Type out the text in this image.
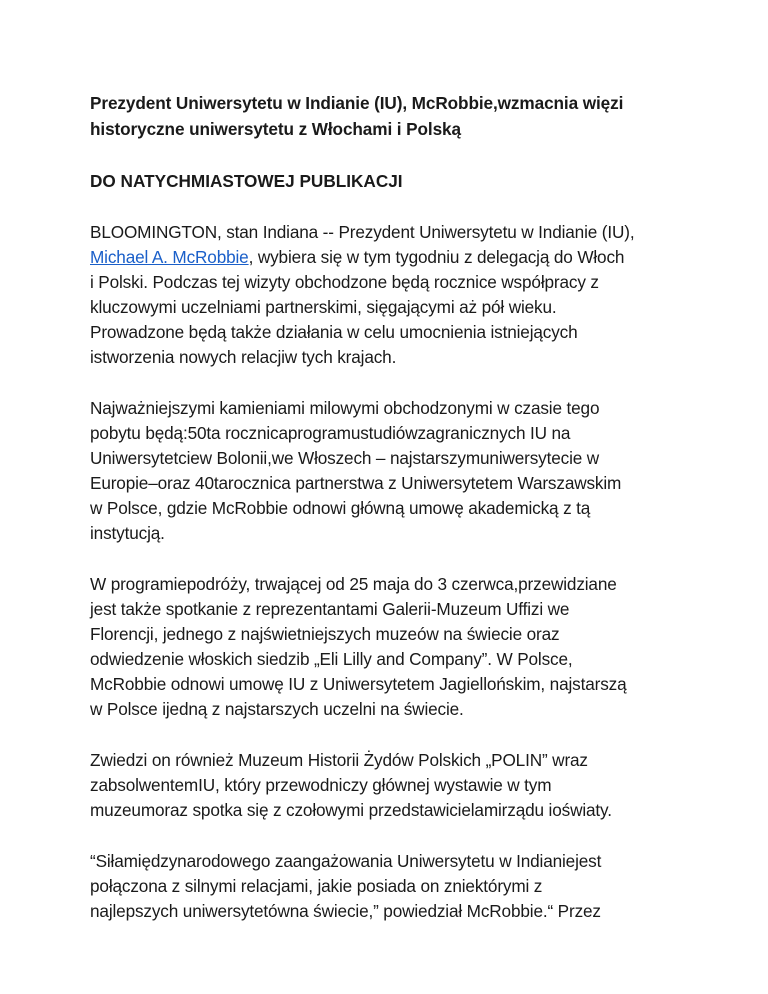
Prezydent Uniwersytetu w Indianie (IU), McRobbie,wzmacnia więzi
historyczne uniwersytetu z Włochami i Polską

DO NATYCHMIASTOWEJ PUBLIKACJI

BLOOMINGTON, stan Indiana -- Prezydent Uniwersytetu w Indianie (IU),
Michael A. McRobbie, wybiera się w tym tygodniu z delegacją do Włoch
i Polski. Podczas tej wizyty obchodzone będą rocznice współpracy z
kluczowymi uczelniami partnerskimi, sięgającymi aż pół wieku.
Prowadzone będą także działania w celu umocnienia istniejących
istworzenia nowych relacjiw tych krajach.

Najważniejszymi kamieniami milowymi obchodzonymi w czasie tego
pobytu będą:50ta rocznicaprogramustudiówzagranicznych IU na
Uniwersytetciew Bolonii,we Włoszech – najstarszymuniwersytecie w
Europie–oraz 40tarocznica partnerstwa z Uniwersytetem Warszawskim
w Polsce, gdzie McRobbie odnowi główną umowę akademicką z tą
instytucją.

W programiepodróży, trwającej od 25 maja do 3 czerwca,przewidziane
jest także spotkanie z reprezentantami Galerii-Muzeum Uffizi we
Florencji, jednego z najświetniejszych muzeów na świecie oraz
odwiedzenie włoskich siedzib „Eli Lilly and Company”. W Polsce,
McRobbie odnowi umowę IU z Uniwersytetem Jagiellońskim, najstarszą
w Polsce ijedną z najstarszych uczelni na świecie.

Zwiedzi on również Muzeum Historii Żydów Polskich „POLIN” wraz
zabsolwentemIU, który przewodniczy głównej wystawie w tym
muzeumoraz spotka się z czołowymi przedstawicielamirządu ioświaty.

“Siłamiędzynarodowego zaangażowania Uniwersytetu w Indianiejest
połączona z silnymi relacjami, jakie posiada on zniektórymi z
najlepszych uniwersytetówna świecie,” powiedział McRobbie.“ Przez
